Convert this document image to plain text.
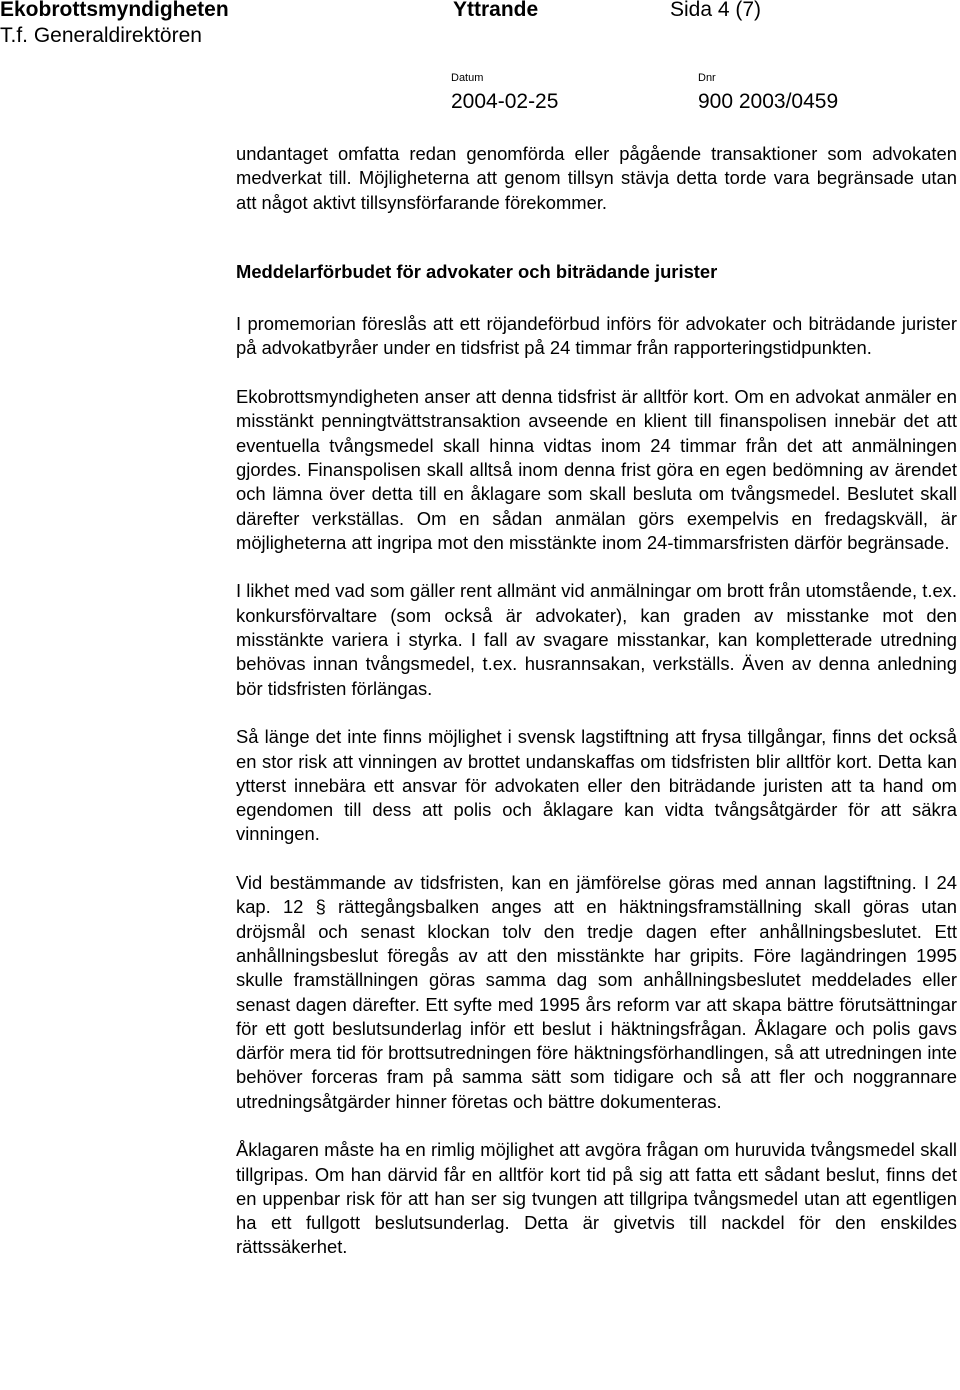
Ekobrottsmyndigheten	Yttrande	Sida 4 (7)
T.f. Generaldirektören
Datum
2004-02-25
Dnr
900 2003/0459

undantaget omfatta redan genomförda eller pågående transaktioner som advokaten medverkat till. Möjligheterna att genom tillsyn stävja detta torde vara begränsade utan att något aktivt tillsynsförfarande förekommer.

Meddelarförbudet för advokater och biträdande jurister

I promemorian föreslås att ett röjandeförbud införs för advokater och biträdande jurister på advokatbyråer under en tidsfrist på 24 timmar från rapporteringstidpunkten.

Ekobrottsmyndigheten anser att denna tidsfrist är alltför kort. Om en advokat anmäler en misstänkt penningtvättstransaktion avseende en klient till finanspolisen innebär det att eventuella tvångsmedel skall hinna vidtas inom 24 timmar från det att anmälningen gjordes. Finanspolisen skall alltså inom denna frist göra en egen bedömning av ärendet och lämna över detta till en åklagare som skall besluta om tvångsmedel. Beslutet skall därefter verkställas. Om en sådan anmälan görs exempelvis en fredagskväll, är möjligheterna att ingripa mot den misstänkte inom 24-timmarsfristen därför begränsade.

I likhet med vad som gäller rent allmänt vid anmälningar om brott från utomstående, t.ex. konkursförvaltare (som också är advokater), kan graden av misstanke mot den misstänkte variera i styrka. I fall av svagare misstankar, kan kompletterade utredning behövas innan tvångsmedel, t.ex. husrannsakan, verkställs. Även av denna anledning bör tidsfristen förlängas.

Så länge det inte finns möjlighet i svensk lagstiftning att frysa tillgångar, finns det också en stor risk att vinningen av brottet undanskaffas om tidsfristen blir alltför kort. Detta kan ytterst innebära ett ansvar för advokaten eller den biträdande juristen att ta hand om egendomen till dess att polis och åklagare kan vidta tvångsåtgärder för att säkra vinningen.

Vid bestämmande av tidsfristen, kan en jämförelse göras med annan lagstiftning. I 24 kap. 12 § rättegångsbalken anges att en häktningsframställning skall göras utan dröjsmål och senast klockan tolv den tredje dagen efter anhållningsbeslutet. Ett anhållningsbeslut föregås av att den misstänkte har gripits. Före lagändringen 1995 skulle framställningen göras samma dag som anhållningsbeslutet meddelades eller senast dagen därefter. Ett syfte med 1995 års reform var att skapa bättre förutsättningar för ett gott beslutsunderlag inför ett beslut i häktningsfrågan. Åklagare och polis gavs därför mera tid för brottsutredningen före häktningsförhandlingen, så att utredningen inte behöver forceras fram på samma sätt som tidigare och så att fler och noggrannare utredningsåtgärder hinner företas och bättre dokumenteras.

Åklagaren måste ha en rimlig möjlighet att avgöra frågan om huruvida tvångsmedel skall tillgripas. Om han därvid får en alltför kort tid på sig att fatta ett sådant beslut, finns det en uppenbar risk för att han ser sig tvungen att tillgripa tvångsmedel utan att egentligen ha ett fullgott beslutsunderlag. Detta är givetvis till nackdel för den enskildes rättssäkerhet.
